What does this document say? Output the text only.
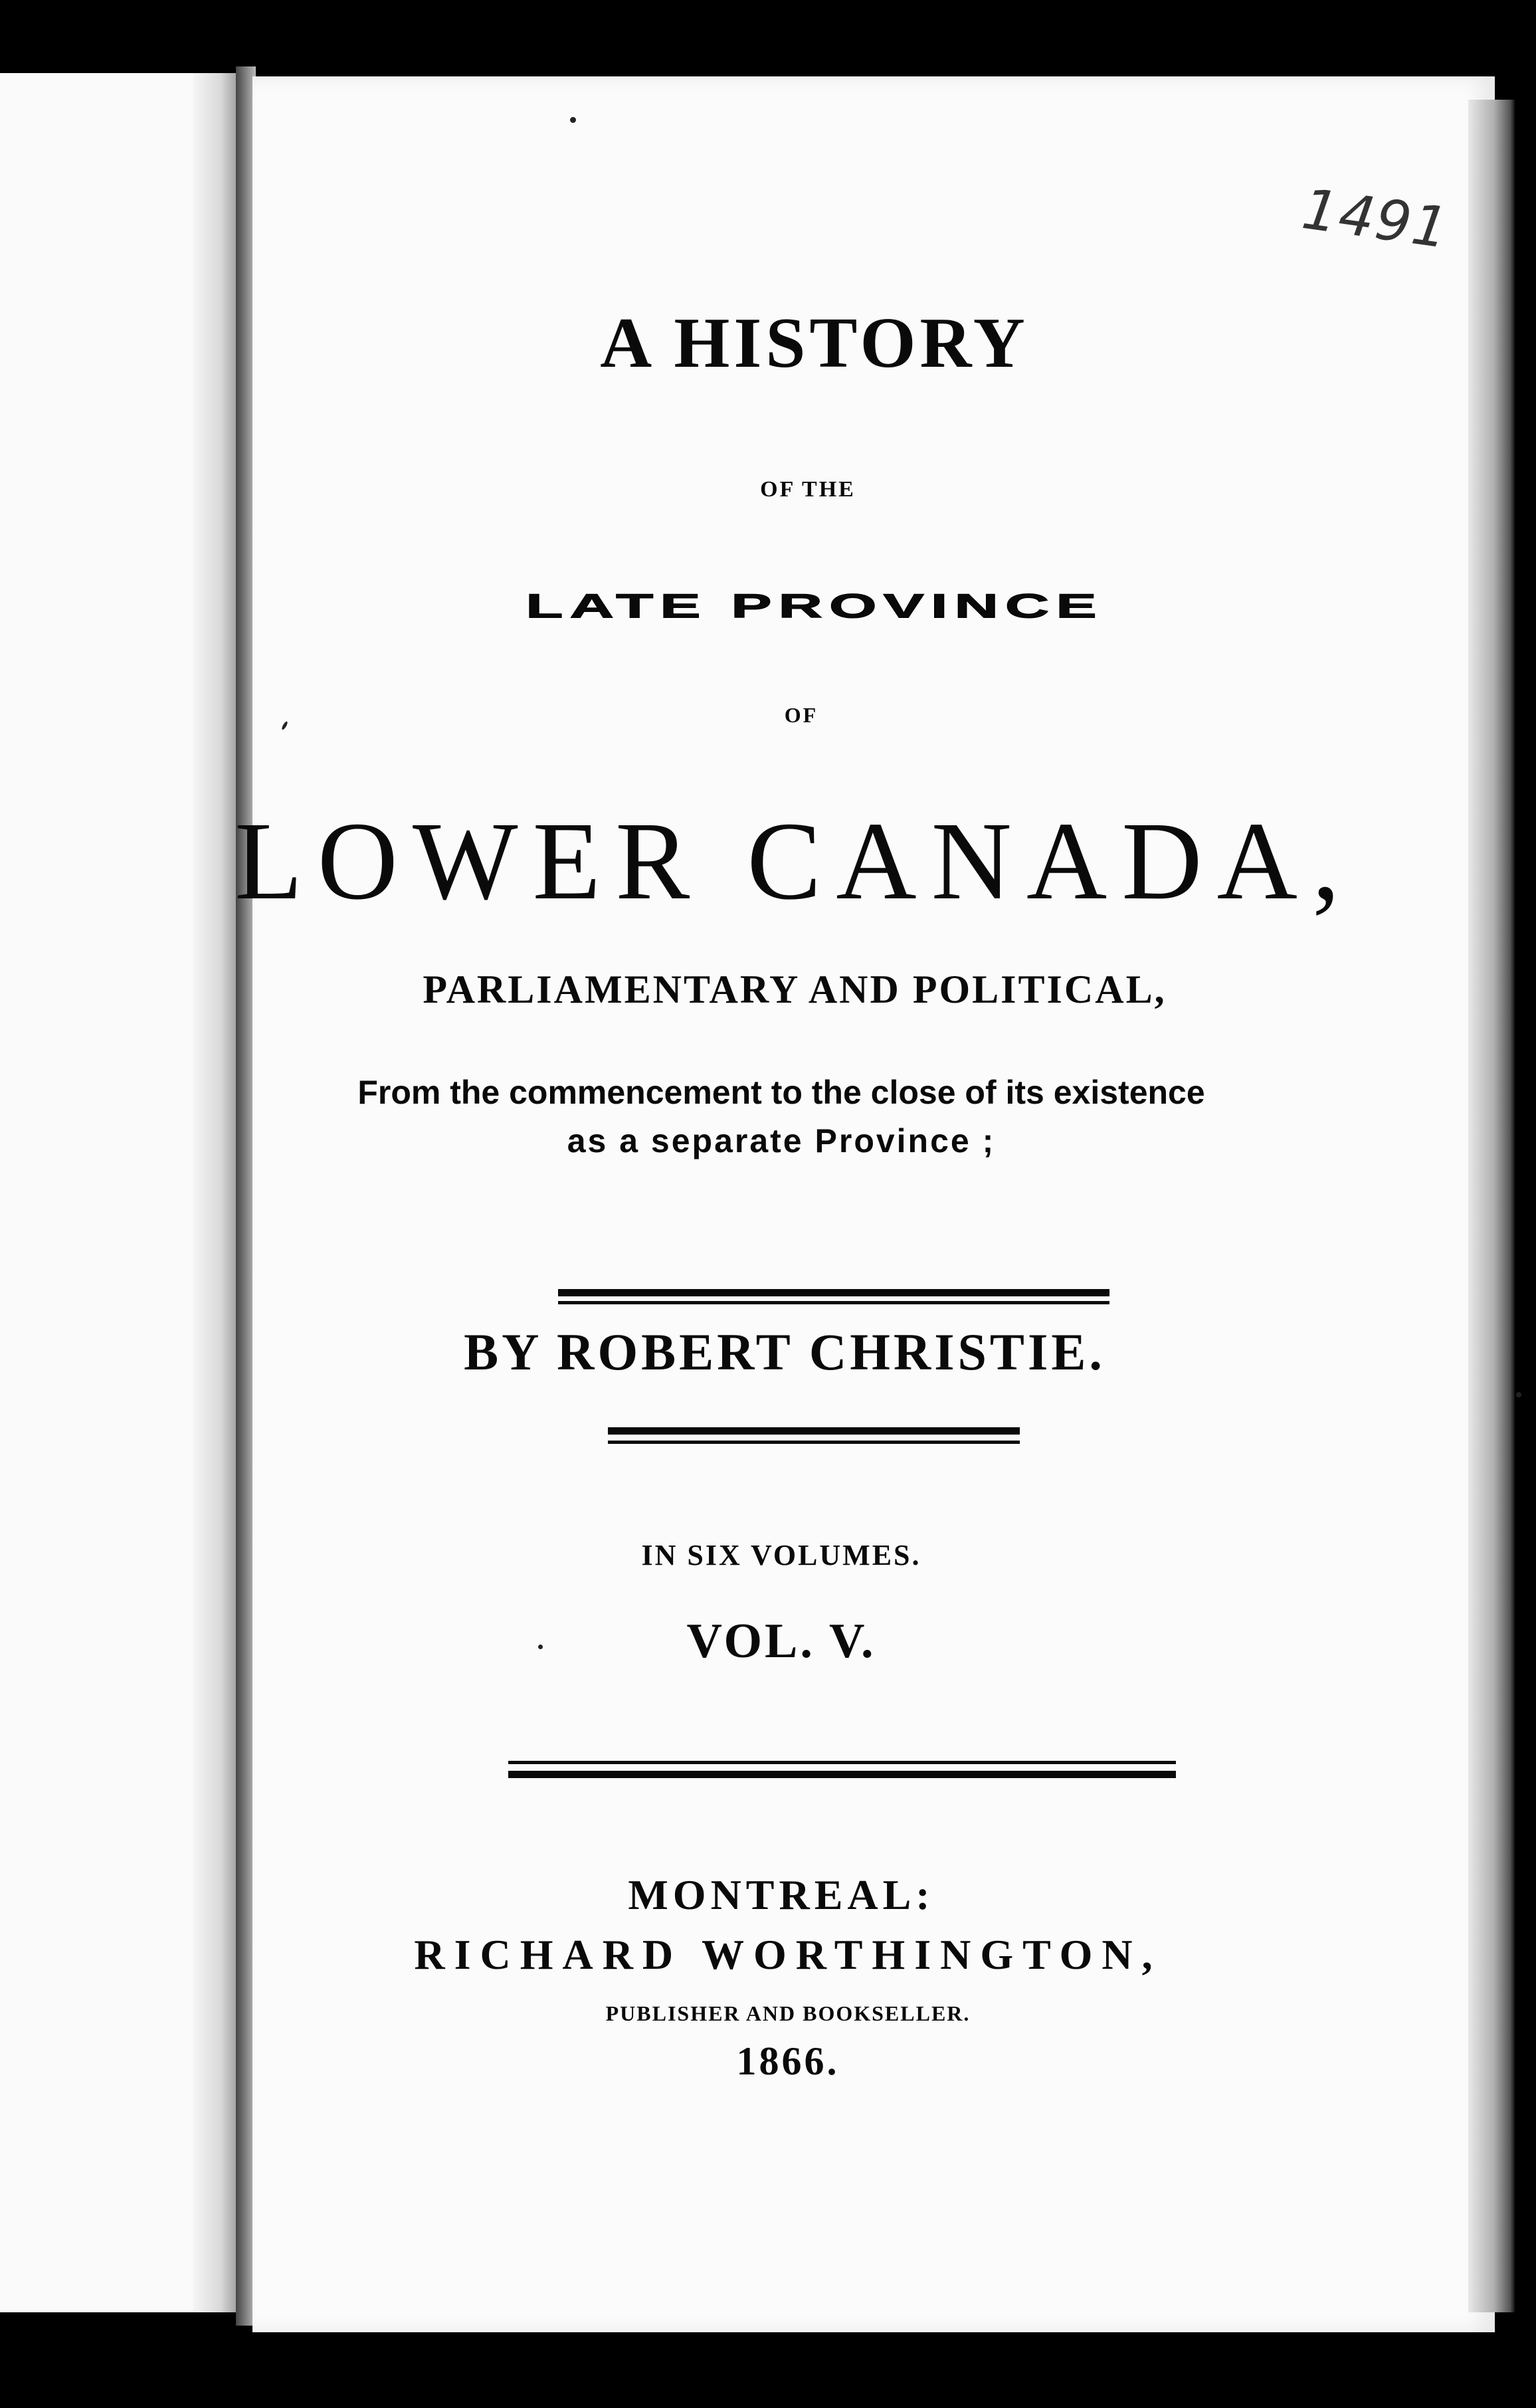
1491
A HISTORY
OF THE
LATE PROVINCE
OF
LOWER CANADA,
PARLIAMENTARY AND POLITICAL,
From the commencement to the close of its existence
as a separate Province ;
BY ROBERT CHRISTIE.
IN SIX VOLUMES.
VOL. V.
MONTREAL:
RICHARD WORTHINGTON,
PUBLISHER AND BOOKSELLER.
1866.
